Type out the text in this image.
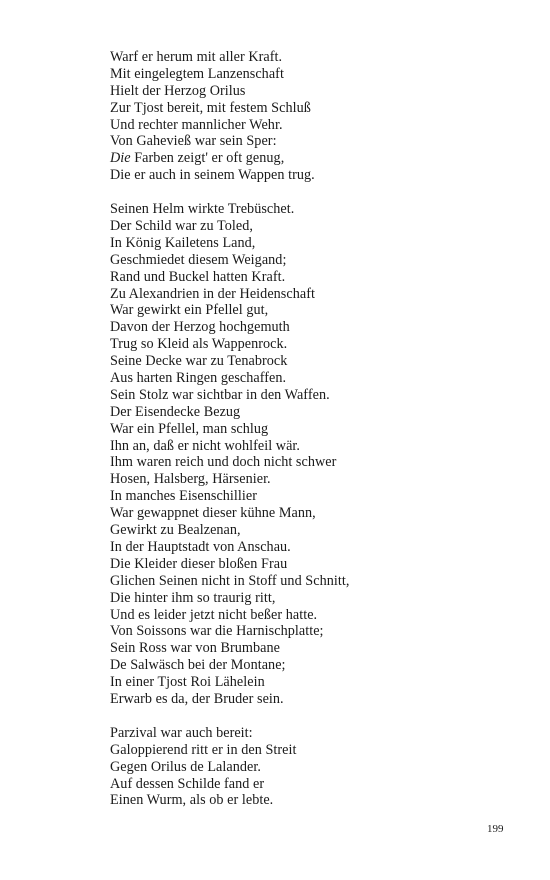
Warf er herum mit aller Kraft.
Mit eingelegtem Lanzenschaft
Hielt der Herzog Orilus
Zur Tjost bereit, mit festem Schluß
Und rechter mannlicher Wehr.
Von Gahevieß war sein Sper:
Die Farben zeigt' er oft genug,
Die er auch in seinem Wappen trug.
Seinen Helm wirkte Trebüschet.
Der Schild war zu Toled,
In König Kailetens Land,
Geschmiedet diesem Weigand;
Rand und Buckel hatten Kraft.
Zu Alexandrien in der Heidenschaft
War gewirkt ein Pfellel gut,
Davon der Herzog hochgemuth
Trug so Kleid als Wappenrock.
Seine Decke war zu Tenabrock
Aus harten Ringen geschaffen.
Sein Stolz war sichtbar in den Waffen.
Der Eisendecke Bezug
War ein Pfellel, man schlug
Ihn an, daß er nicht wohlfeil wär.
Ihm waren reich und doch nicht schwer
Hosen, Halsberg, Härsenier.
In manches Eisenschillier
War gewappnet dieser kühne Mann,
Gewirkt zu Bealzenan,
In der Hauptstadt von Anschau.
Die Kleider dieser bloßen Frau
Glichen Seinen nicht in Stoff und Schnitt,
Die hinter ihm so traurig ritt,
Und es leider jetzt nicht beßer hatte.
Von Soissons war die Harnischplatte;
Sein Ross war von Brumbane
De Salwäsch bei der Montane;
In einer Tjost Roi Lähelein
Erwarb es da, der Bruder sein.
Parzival war auch bereit:
Galoppierend ritt er in den Streit
Gegen Orilus de Lalander.
Auf dessen Schilde fand er
Einen Wurm, als ob er lebte.
199
